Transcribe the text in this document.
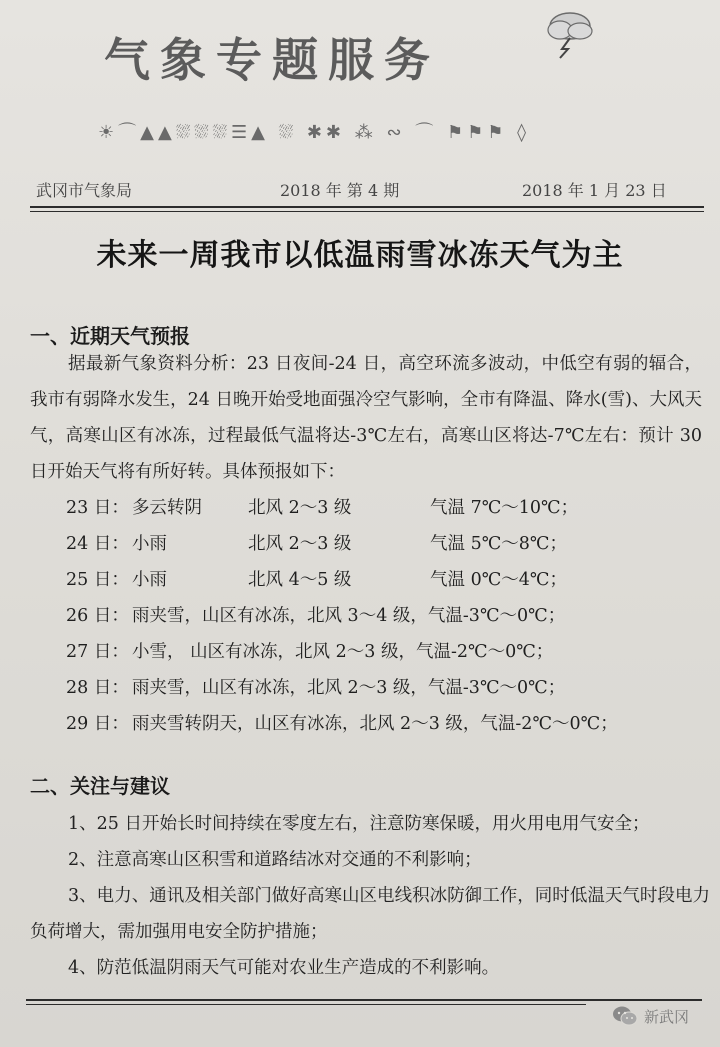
气象专题服务
☀⌒▲▲⛆⛆⛆☰▲ ⛆ ✱✱ ⁂ ∾ ⌒ ⚑⚑⚑ ◊
武冈市气象局	2018 年 第 4 期	2018 年 1 月 23 日
未来一周我市以低温雨雪冰冻天气为主
一、近期天气预报
据最新气象资料分析：23 日夜间-24 日，高空环流多波动，中低空有弱的辐合，我市有弱降水发生，24 日晚开始受地面强冷空气影响，全市有降温、降水(雪)、大风天气，高寒山区有冰冻，过程最低气温将达-3℃左右，高寒山区将达-7℃左右：预计 30 日开始天气将有所好转。具体预报如下：
23 日： 多云转阴	北风 2～3 级	气温 7℃～10℃；
24 日： 小雨	北风 2～3 级	气温 5℃～8℃；
25 日： 小雨	北风 4～5 级	气温 0℃～4℃；
26 日： 雨夹雪，山区有冰冻，北风 3～4 级，气温-3℃～0℃；
27 日： 小雪， 山区有冰冻，北风 2～3 级，气温-2℃～0℃；
28 日： 雨夹雪，山区有冰冻，北风 2～3 级，气温-3℃～0℃；
29 日： 雨夹雪转阴天，山区有冰冻，北风 2～3 级，气温-2℃～0℃；
二、关注与建议
1、25 日开始长时间持续在零度左右，注意防寒保暖，用火用电用气安全；
2、注意高寒山区积雪和道路结冰对交通的不利影响；
3、电力、通讯及相关部门做好高寒山区电线积冰防御工作，同时低温天气时段电力负荷增大，需加强用电安全防护措施；
4、防范低温阴雨天气可能对农业生产造成的不利影响。
新武冈
